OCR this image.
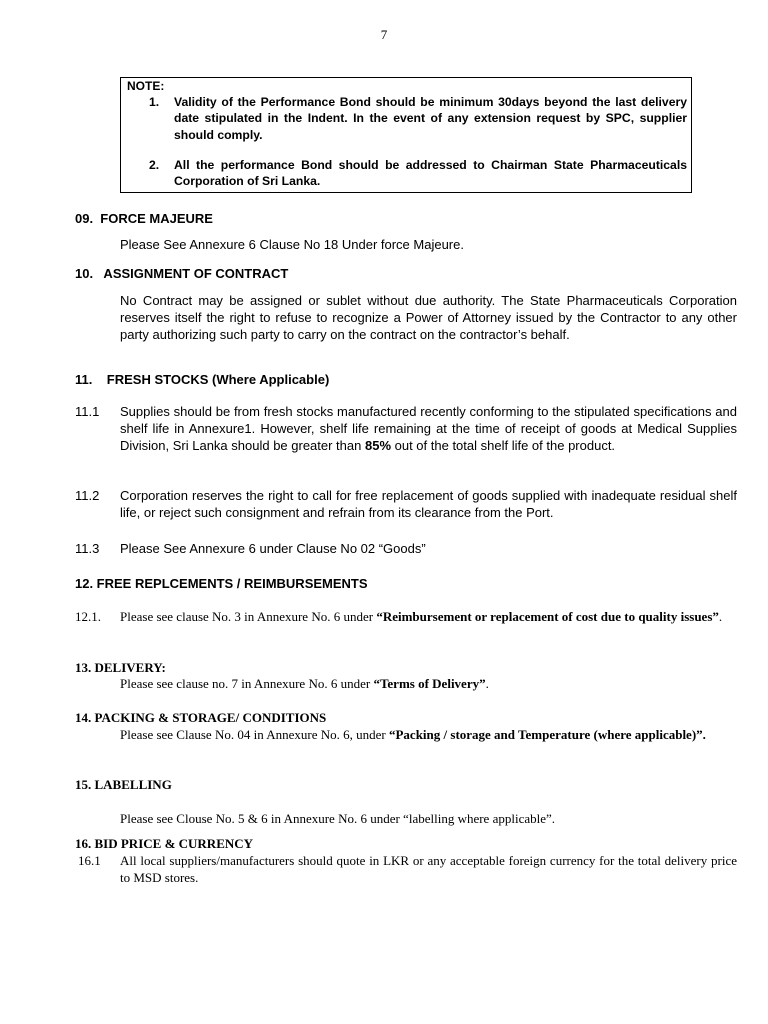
7
NOTE:
1. Validity of the Performance Bond should be minimum 30days beyond the last delivery date stipulated in the Indent. In the event of any extension request by SPC, supplier should comply.
2. All the performance Bond should be addressed to Chairman State Pharmaceuticals Corporation of Sri Lanka.
09.  FORCE MAJEURE
Please See Annexure 6 Clause No 18 Under force Majeure.
10.   ASSIGNMENT OF CONTRACT
No Contract may be assigned or sublet without due authority. The State Pharmaceuticals Corporation reserves itself the right to refuse to recognize a Power of Attorney issued by the Contractor to any other party authorizing such party to carry on the contract on the contractor’s behalf.
11.    FRESH STOCKS (Where Applicable)
11.1 Supplies should be from fresh stocks manufactured recently conforming to the stipulated specifications and shelf life in Annexure1. However, shelf life remaining at the time of receipt of goods at Medical Supplies Division, Sri Lanka should be greater than 85% out of the total shelf life of the product.
11.2 Corporation reserves the right to call for free replacement of goods supplied with inadequate residual shelf life, or reject such consignment and refrain from its clearance from the Port.
11.3 Please See Annexure 6 under Clause No 02 “Goods”
12. FREE REPLCEMENTS / REIMBURSEMENTS
12.1. Please see clause No. 3 in Annexure No. 6 under “Reimbursement or replacement of cost due to quality issues”.
13. DELIVERY:
Please see clause no. 7 in Annexure No. 6 under “Terms of Delivery”.
14. PACKING & STORAGE/ CONDITIONS
Please see Clause No. 04 in Annexure No. 6, under “Packing / storage and Temperature (where applicable)”.
15. LABELLING
Please see Clouse No. 5 & 6 in Annexure No. 6 under “labelling where applicable”.
16. BID PRICE & CURRENCY
16.1 All local suppliers/manufacturers should quote in LKR or any acceptable foreign currency for the total delivery price to MSD stores.
